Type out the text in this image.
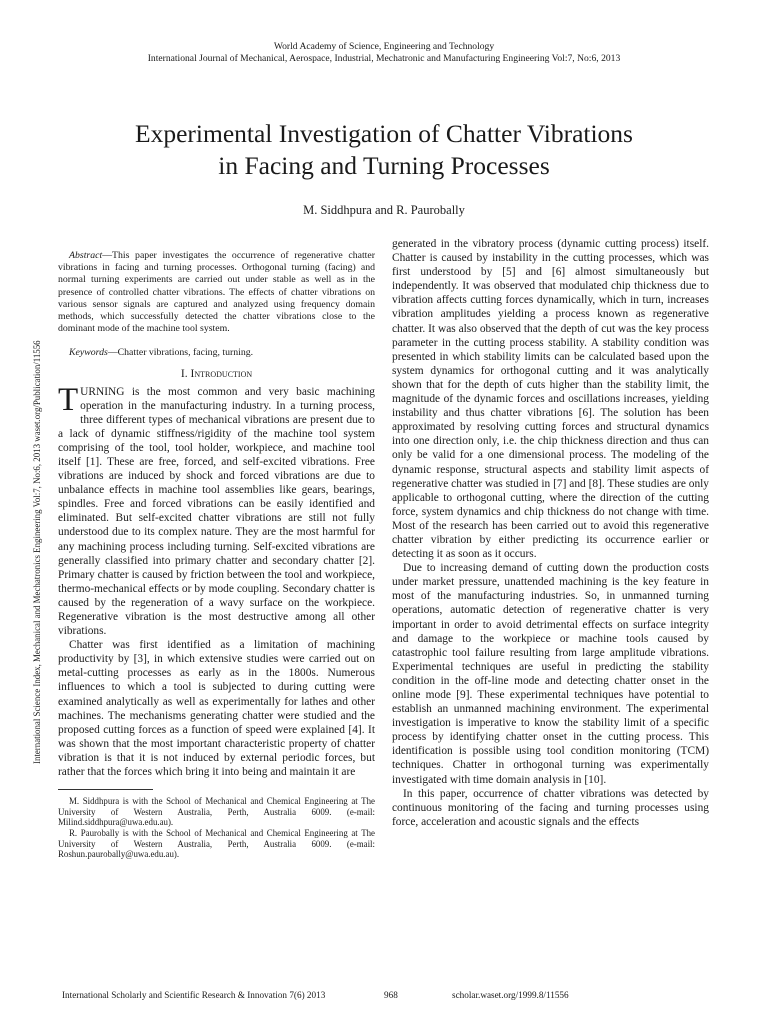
World Academy of Science, Engineering and Technology
International Journal of Mechanical, Aerospace, Industrial, Mechatronic and Manufacturing Engineering Vol:7, No:6, 2013
Experimental Investigation of Chatter Vibrations
in Facing and Turning Processes
M. Siddhpura and R. Paurobally
International Science Index, Mechanical and Mechatronics Engineering Vol:7, No:6, 2013 waset.org/Publication/11556

Abstract—This paper investigates the occurrence of regenerative chatter vibrations in facing and turning processes. Orthogonal turning (facing) and normal turning experiments are carried out under stable as well as in the presence of controlled chatter vibrations. The effects of chatter vibrations on various sensor signals are captured and analyzed using frequency domain methods, which successfully detected the chatter vibrations close to the dominant mode of the machine tool system.

Keywords—Chatter vibrations, facing, turning.

I. Introduction

TURNING is the most common and very basic machining operation in the manufacturing industry. In a turning process, three different types of mechanical vibrations are present due to a lack of dynamic stiffness/rigidity of the machine tool system comprising of the tool, tool holder, workpiece, and machine tool itself [1]. These are free, forced, and self-excited vibrations. Free vibrations are induced by shock and forced vibrations are due to unbalance effects in machine tool assemblies like gears, bearings, spindles. Free and forced vibrations can be easily identified and eliminated. But self-excited chatter vibrations are still not fully understood due to its complex nature. They are the most harmful for any machining process including turning. Self-excited vibrations are generally classified into primary chatter and secondary chatter [2]. Primary chatter is caused by friction between the tool and workpiece, thermo-mechanical effects or by mode coupling. Secondary chatter is caused by the regeneration of a wavy surface on the workpiece. Regenerative vibration is the most destructive among all other vibrations.

Chatter was first identified as a limitation of machining productivity by [3], in which extensive studies were carried out on metal-cutting processes as early as in the 1800s. Numerous influences to which a tool is subjected to during cutting were examined analytically as well as experimentally for lathes and other machines. The mechanisms generating chatter were studied and the proposed cutting forces as a function of speed were explained [4]. It was shown that the most important characteristic property of chatter vibration is that it is not induced by external periodic forces, but rather that the forces which bring it into being and maintain it are

M. Siddhpura is with the School of Mechanical and Chemical Engineering at The University of Western Australia, Perth, Australia 6009. (e-mail: Milind.siddhpura@uwa.edu.au).

R. Paurobally is with the School of Mechanical and Chemical Engineering at The University of Western Australia, Perth, Australia 6009. (e-mail: Roshun.paurobally@uwa.edu.au).

generated in the vibratory process (dynamic cutting process) itself. Chatter is caused by instability in the cutting processes, which was first understood by [5] and [6] almost simultaneously but independently. It was observed that modulated chip thickness due to vibration affects cutting forces dynamically, which in turn, increases vibration amplitudes yielding a process known as regenerative chatter. It was also observed that the depth of cut was the key process parameter in the cutting process stability. A stability condition was presented in which stability limits can be calculated based upon the system dynamics for orthogonal cutting and it was analytically shown that for the depth of cuts higher than the stability limit, the magnitude of the dynamic forces and oscillations increases, yielding instability and thus chatter vibrations [6]. The solution has been approximated by resolving cutting forces and structural dynamics into one direction only, i.e. the chip thickness direction and thus can only be valid for a one dimensional process. The modeling of the dynamic response, structural aspects and stability limit aspects of regenerative chatter was studied in [7] and [8]. These studies are only applicable to orthogonal cutting, where the direction of the cutting force, system dynamics and chip thickness do not change with time. Most of the research has been carried out to avoid this regenerative chatter vibration by either predicting its occurrence earlier or detecting it as soon as it occurs.

Due to increasing demand of cutting down the production costs under market pressure, unattended machining is the key feature in most of the manufacturing industries. So, in unmanned turning operations, automatic detection of regenerative chatter is very important in order to avoid detrimental effects on surface integrity and damage to the workpiece or machine tools caused by catastrophic tool failure resulting from large amplitude vibrations. Experimental techniques are useful in predicting the stability condition in the off-line mode and detecting chatter onset in the online mode [9]. These experimental techniques have potential to establish an unmanned machining environment. The experimental investigation is imperative to know the stability limit of a specific process by identifying chatter onset in the cutting process. This identification is possible using tool condition monitoring (TCM) techniques. Chatter in orthogonal turning was experimentally investigated with time domain analysis in [10].

In this paper, occurrence of chatter vibrations was detected by continuous monitoring of the facing and turning processes using force, acceleration and acoustic signals and the effects

International Scholarly and Scientific Research & Innovation 7(6) 2013	968	scholar.waset.org/1999.8/11556
